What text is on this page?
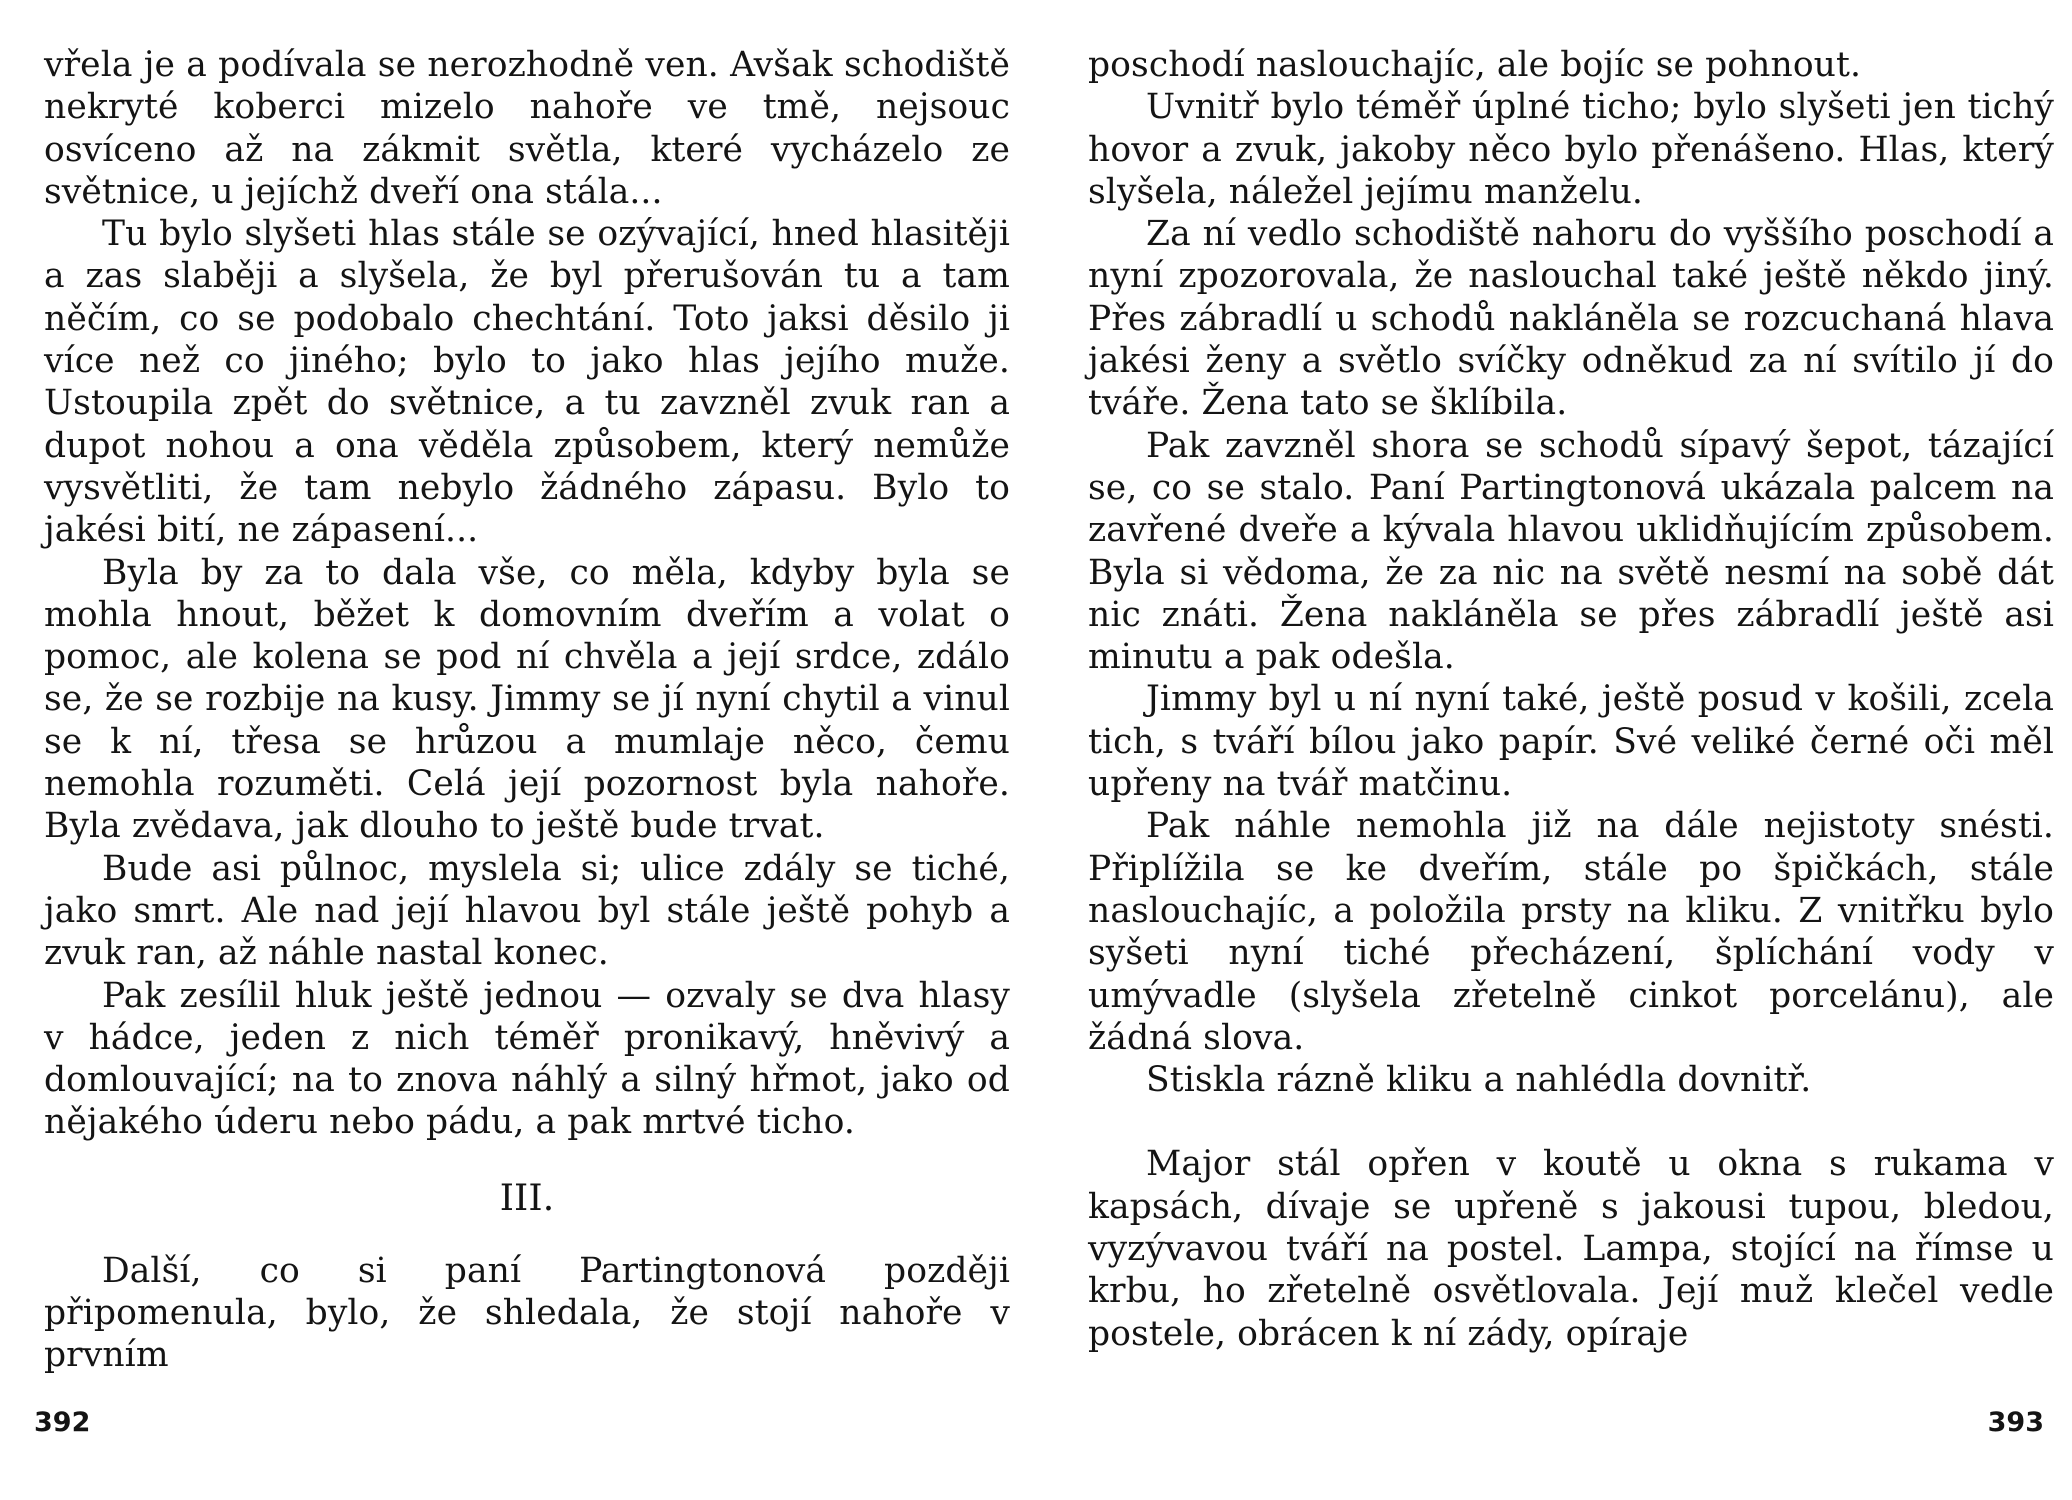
vřela je a podívala se nerozhodně ven. Avšak schodiště nekryté koberci mizelo nahoře ve tmě, nejsouc osvíceno až na zákmit světla, které vycházelo ze světnice, u jejíchž dveří ona stála...

Tu bylo slyšeti hlas stále se ozývající, hned hlasitěji a zas slaběji a slyšela, že byl přerušován tu a tam něčím, co se podobalo chechtání. Toto jaksi děsilo ji více než co jiného; bylo to jako hlas jejího muže. Ustoupila zpět do světnice, a tu zavzněl zvuk ran a dupot nohou a ona věděla způsobem, který nemůže vysvětliti, že tam nebylo žádného zápasu. Bylo to jakési bití, ne zápasení...

Byla by za to dala vše, co měla, kdyby byla se mohla hnout, běžet k domovním dveřím a volat o pomoc, ale kolena se pod ní chvěla a její srdce, zdálo se, že se rozbije na kusy. Jimmy se jí nyní chytil a vinul se k ní, třesa se hrůzou a mumlaje něco, čemu nemohla rozuměti. Celá její pozornost byla nahoře. Byla zvědava, jak dlouho to ještě bude trvat.

Bude asi půlnoc, myslela si; ulice zdály se tiché, jako smrt. Ale nad její hlavou byl stále ještě pohyb a zvuk ran, až náhle nastal konec.

Pak zesílil hluk ještě jednou — ozvaly se dva hlasy v hádce, jeden z nich téměř pronikavý, hněvivý a domlouvající; na to znova náhlý a silný hřmot, jako od nějakého úderu nebo pádu, a pak mrtvé ticho.

III.

Další, co si paní Partingtonová později připomenula, bylo, že shledala, že stojí nahoře v prvním

392

poschodí naslouchajíc, ale bojíc se pohnout.

Uvnitř bylo téměř úplné ticho; bylo slyšeti jen tichý hovor a zvuk, jakoby něco bylo přenášeno. Hlas, který slyšela, náležel jejímu manželu.

Za ní vedlo schodiště nahoru do vyššího poschodí a nyní zpozorovala, že naslouchal také ještě někdo jiný. Přes zábradlí u schodů nakláněla se rozcuchaná hlava jakési ženy a světlo svíčky odněkud za ní svítilo jí do tváře. Žena tato se šklíbila.

Pak zavzněl shora se schodů sípavý šepot, tázající se, co se stalo. Paní Partingtonová ukázala palcem na zavřené dveře a kývala hlavou uklidňujícím způsobem. Byla si vědoma, že za nic na světě nesmí na sobě dát nic znáti. Žena nakláněla se přes zábradlí ještě asi minutu a pak odešla.

Jimmy byl u ní nyní také, ještě posud v košili, zcela tich, s tváří bílou jako papír. Své veliké černé oči měl upřeny na tvář matčinu.

Pak náhle nemohla již na dále nejistoty snésti. Připlížila se ke dveřím, stále po špičkách, stále naslouchajíc, a položila prsty na kliku. Z vnitřku bylo syšeti nyní tiché přecházení, šplíchání vody v umývadle (slyšela zřetelně cinkot porcelánu), ale žádná slova.

Stiskla rázně kliku a nahlédla dovnitř.

Major stál opřen v koutě u okna s rukama v kapsách, dívaje se upřeně s jakousi tupou, bledou, vyzývavou tváří na postel. Lampa, stojící na římse u krbu, ho zřetelně osvětlovala. Její muž klečel vedle postele, obrácen k ní zády, opíraje

393
